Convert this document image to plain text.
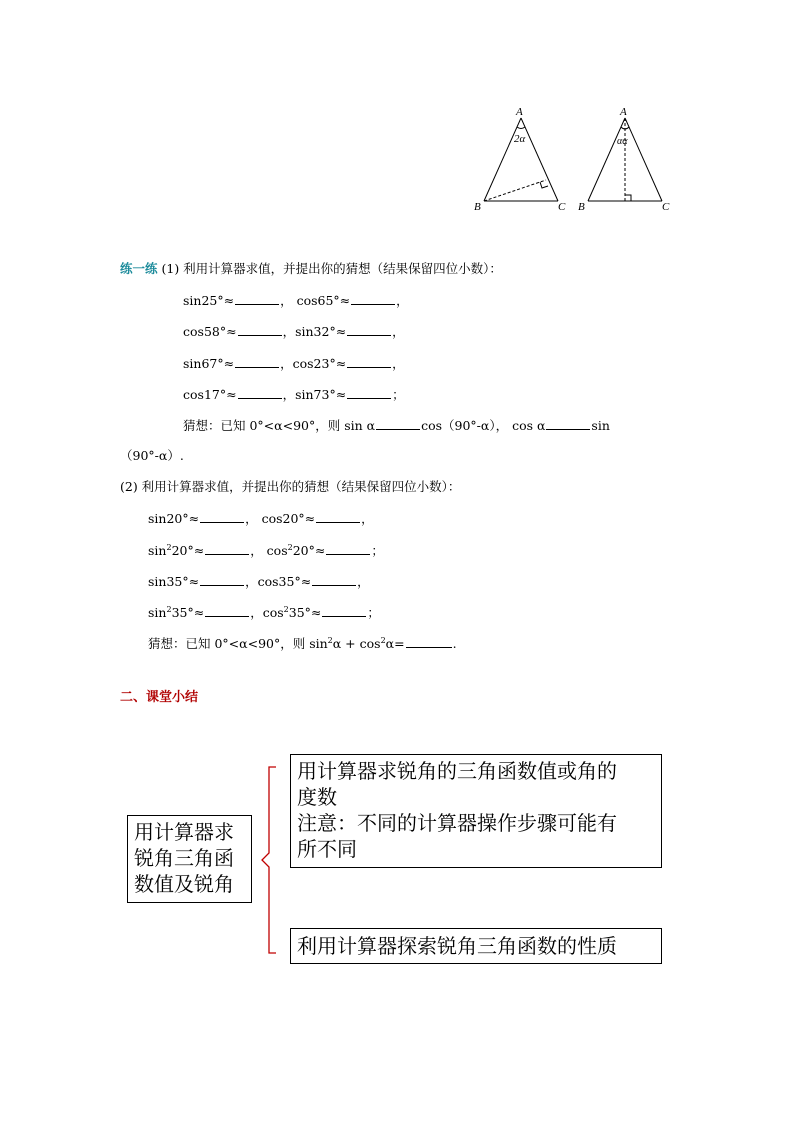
A
2α
B	C
A
αα
B	C
练一练 (1) 利用计算器求值，并提出你的猜想（结果保留四位小数）：
sin25°≈	， cos65°≈	，
cos58°≈	，sin32°≈	，
sin67°≈	，cos23°≈	，
cos17°≈	，sin73°≈	；
猜想：已知 0°<α<90°，则 sin α	cos（90°-α）， cos α	sin
（90°-α）.
(2) 利用计算器求值，并提出你的猜想（结果保留四位小数）：
sin20°≈	， cos20°≈	，
$\sin^220^\circ\approx$	， $\cos^220^\circ\approx$	；
sin35°≈	，cos35°≈	，
$\sin^235^\circ\approx$	，$\cos^235^\circ\approx$	；
猜想：已知 0°<α<90°，则 $\sin^2\alpha + \cos^2\alpha=$	.
二、课堂小结
用计算器求
锐角三角函
数值及锐角
用计算器求锐角的三角函数值或角的
度数
注意：不同的计算器操作步骤可能有
所不同
利用计算器探索锐角三角函数的性质
